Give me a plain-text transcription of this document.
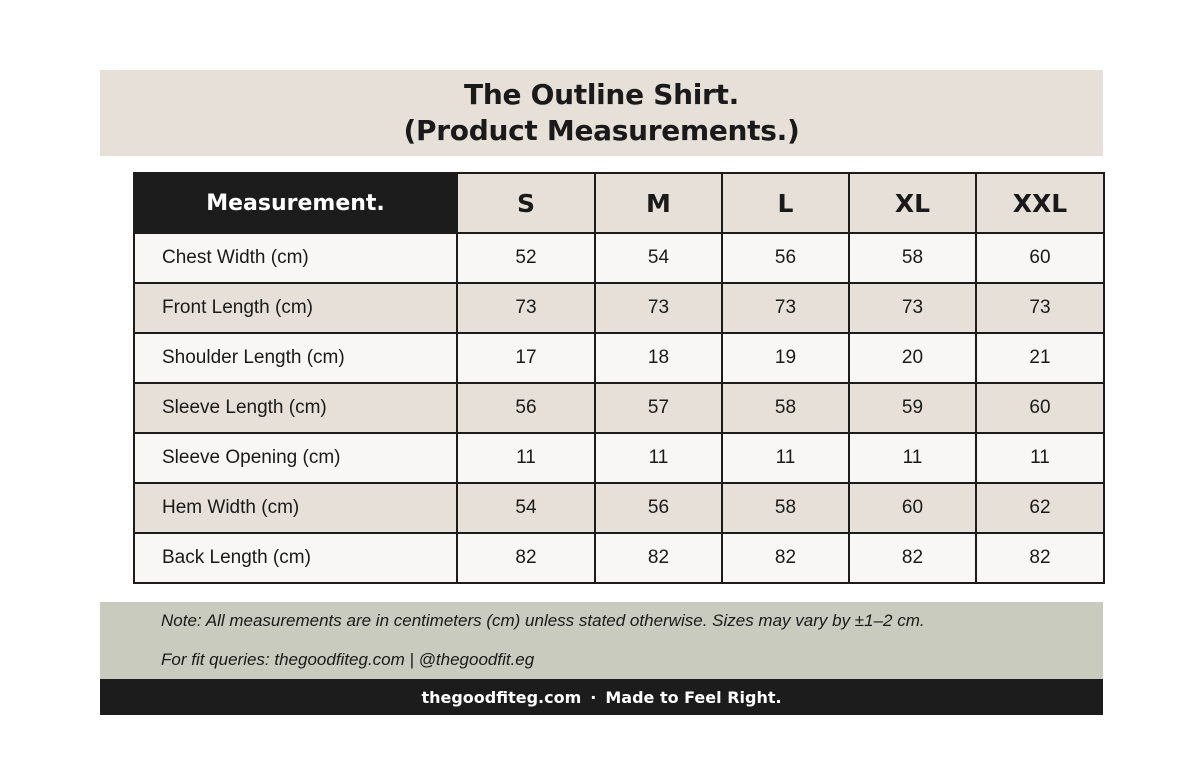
The Outline Shirt.
(Product Measurements.)
Measurement.	S	M	L	XL	XXL
Chest Width (cm)	52	54	56	58	60
Front Length (cm)	73	73	73	73	73
Shoulder Length (cm)	17	18	19	20	21
Sleeve Length (cm)	56	57	58	59	60
Sleeve Opening (cm)	11	11	11	11	11
Hem Width (cm)	54	56	58	60	62
Back Length (cm)	82	82	82	82	82
Note: All measurements are in centimeters (cm) unless stated otherwise. Sizes may vary by ±1–2 cm.
For fit queries: thegoodfiteg.com | @thegoodfit.eg
thegoodfiteg.com · Made to Feel Right.
